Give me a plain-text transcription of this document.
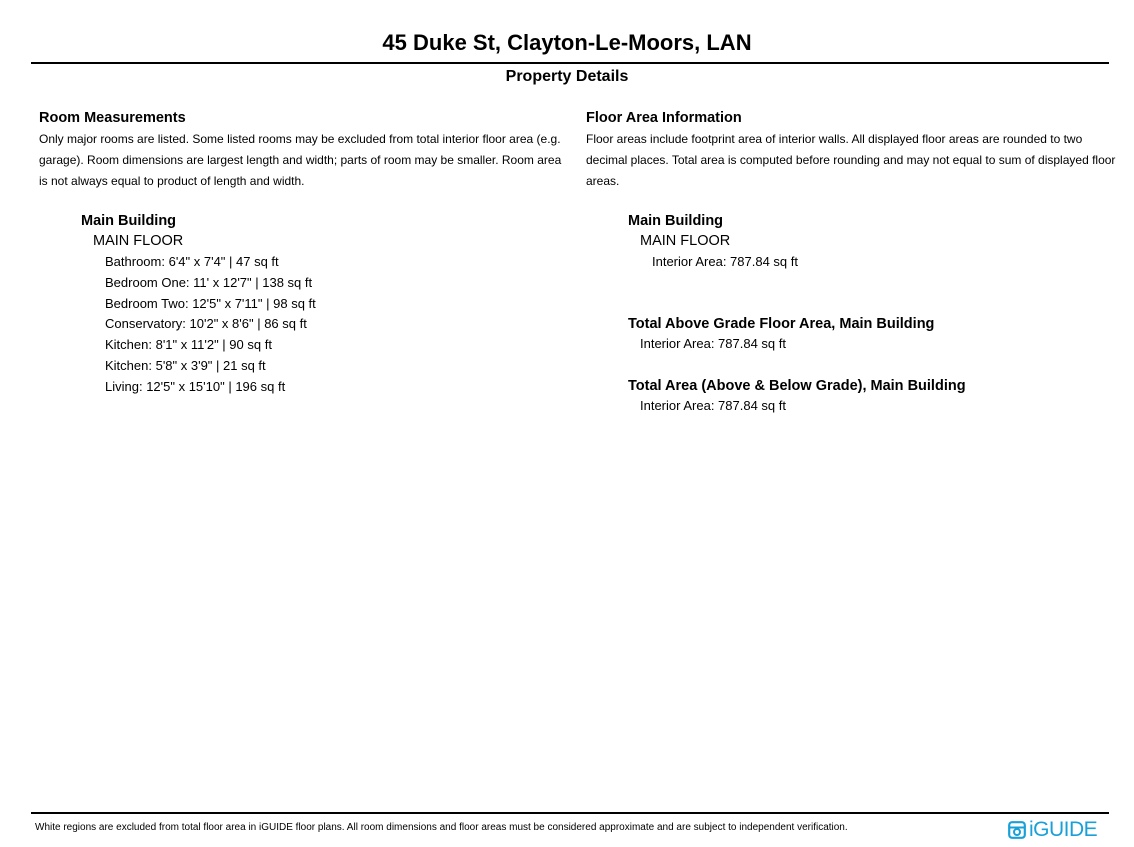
45 Duke St, Clayton-Le-Moors, LAN
Property Details

Room Measurements

Only major rooms are listed. Some listed rooms may be excluded from total interior floor area (e.g. garage). Room dimensions are largest length and width; parts of room may be smaller. Room area is not always equal to product of length and width.

Main Building

MAIN FLOOR

Bathroom: 6'4" x 7'4" | 47 sq ft

Bedroom One: 11' x 12'7" | 138 sq ft

Bedroom Two: 12'5" x 7'11" | 98 sq ft

Conservatory: 10'2" x 8'6" | 86 sq ft

Kitchen: 8'1" x 11'2" | 90 sq ft

Kitchen: 5'8" x 3'9" | 21 sq ft

Living: 12'5" x 15'10" | 196 sq ft

Floor Area Information

Floor areas include footprint area of interior walls. All displayed floor areas are rounded to two decimal places. Total area is computed before rounding and may not equal to sum of displayed floor areas.

Main Building

MAIN FLOOR

Interior Area: 787.84 sq ft

Total Above Grade Floor Area, Main Building

Interior Area: 787.84 sq ft

Total Area (Above & Below Grade), Main Building

Interior Area: 787.84 sq ft

White regions are excluded from total floor area in iGUIDE floor plans. All room dimensions and floor areas must be considered approximate and are subject to independent verification.	iGUIDE
